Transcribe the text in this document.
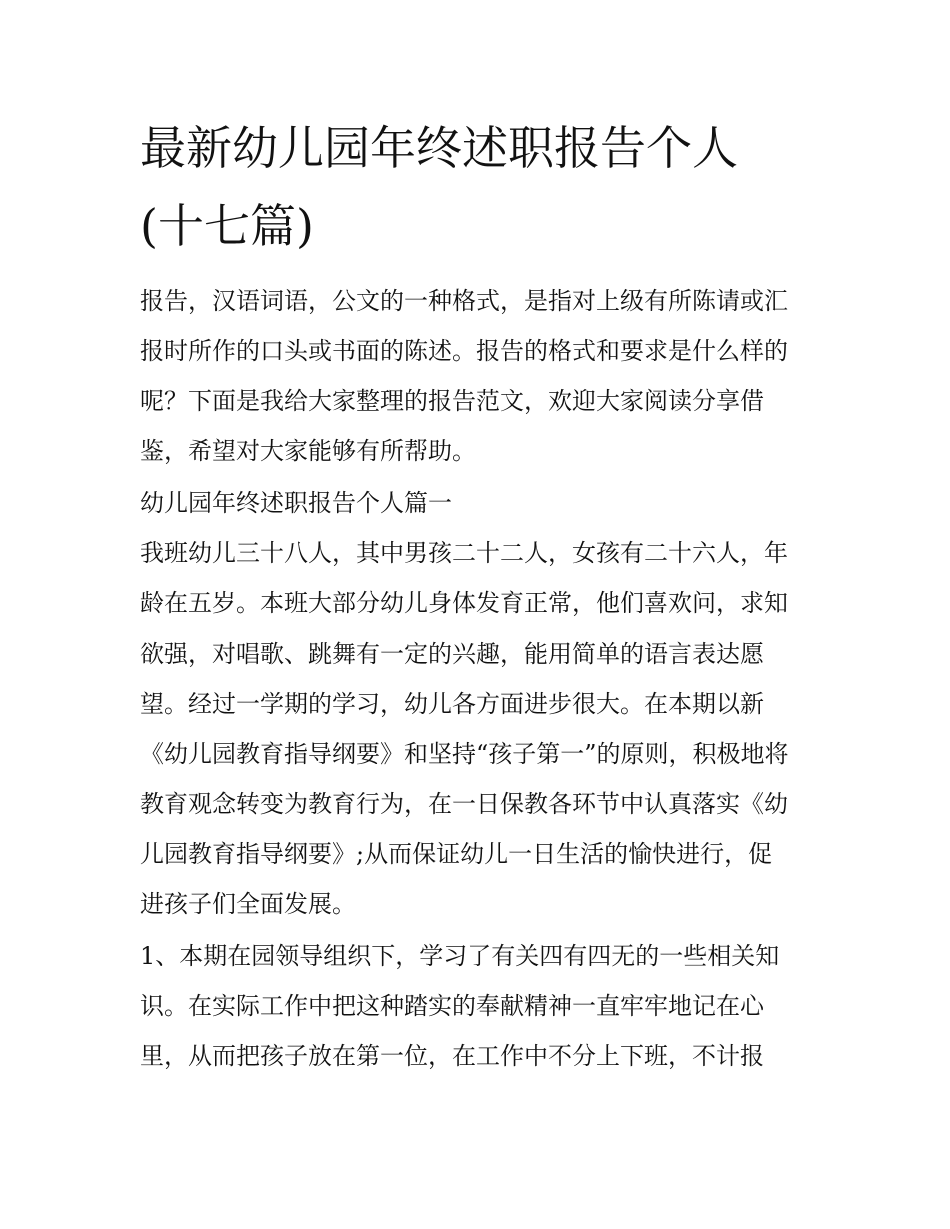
最新幼儿园年终述职报告个人
(十七篇)
报告，汉语词语，公文的一种格式，是指对上级有所陈请或汇
报时所作的口头或书面的陈述。报告的格式和要求是什么样的
呢？下面是我给大家整理的报告范文，欢迎大家阅读分享借
鉴，希望对大家能够有所帮助。
幼儿园年终述职报告个人篇一
我班幼儿三十八人，其中男孩二十二人，女孩有二十六人，年
龄在五岁。本班大部分幼儿身体发育正常，他们喜欢问，求知
欲强，对唱歌、跳舞有一定的兴趣，能用简单的语言表达愿
望。经过一学期的学习，幼儿各方面进步很大。在本期以新
《幼儿园教育指导纲要》和坚持“孩子第一”的原则，积极地将
教育观念转变为教育行为，在一日保教各环节中认真落实《幼
儿园教育指导纲要》;从而保证幼儿一日生活的愉快进行，促
进孩子们全面发展。
1、本期在园领导组织下，学习了有关四有四无的一些相关知
识。在实际工作中把这种踏实的奉献精神一直牢牢地记在心
里，从而把孩子放在第一位，在工作中不分上下班，不计报
